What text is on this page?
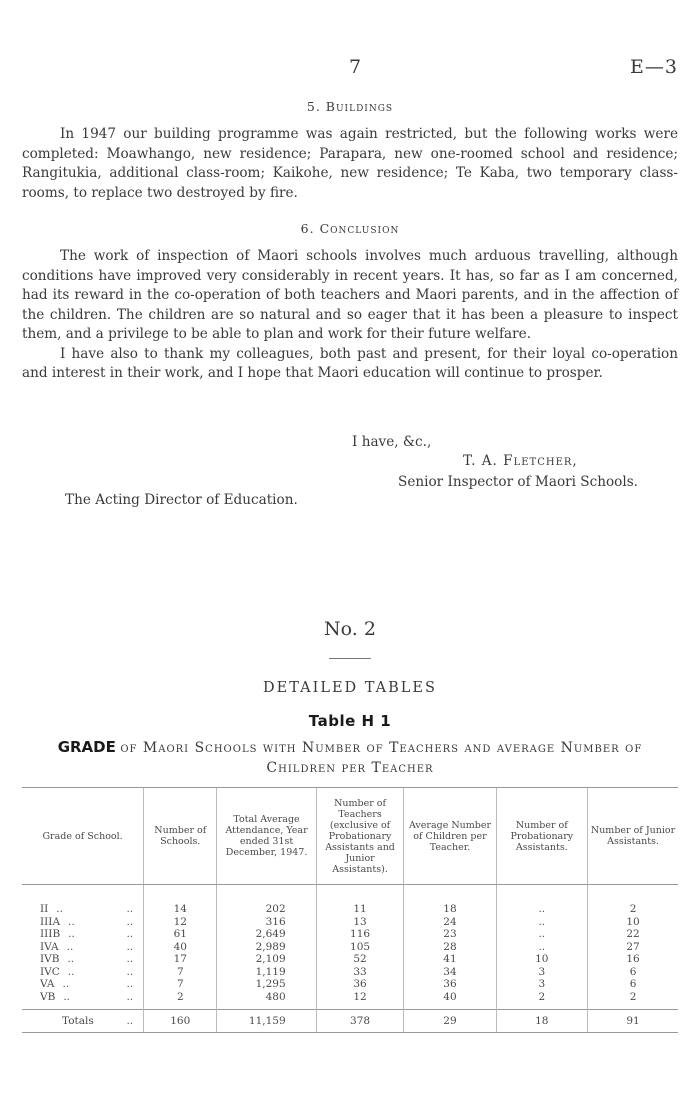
7	E—3
5. Buildings

In 1947 our building programme was again restricted, but the following works were completed: Moawhango, new residence; Parapara, new one-roomed school and residence; Rangitukia, additional class-room; Kaikohe, new residence; Te Kaba, two temporary class-rooms, to replace two destroyed by fire.

6. Conclusion

The work of inspection of Maori schools involves much arduous travelling, although conditions have improved very considerably in recent years. It has, so far as I am concerned, had its reward in the co-operation of both teachers and Maori parents, and in the affection of the children. The children are so natural and so eager that it has been a pleasure to inspect them, and a privilege to be able to plan and work for their future welfare.

I have also to thank my colleagues, both past and present, for their loyal co-operation and interest in their work, and I hope that Maori education will continue to prosper.

I have, &c.,
T. A. Fletcher,
Senior Inspector of Maori Schools.
The Acting Director of Education.
No. 2
DETAILED TABLES
Table H 1
GRADE of Maori Schools with Number of Teachers and average Number of Children per Teacher
Grade of School.	Number of Schools.	Total Average Attendance, Year ended 31st December, 1947.	Number of Teachers (exclusive of Probationary Assistants and Junior Assistants).	Average Number of Children per Teacher.	Number of Probationary Assistants.	Number of Junior Assistants.

II .. ..	14	202	11	18	..	2
IIIA .. ..	12	316	13	24	..	10
IIIB .. ..	61	2,649	116	23	..	22
IVA .. ..	40	2,989	105	28	..	27
IVB .. ..	17	2,109	52	41	10	16
IVC .. ..	7	1,119	33	34	3	6
VA .. ..	7	1,295	36	36	3	6
VB .. ..	2	480	12	40	2	2
Totals ..	160	11,159	378	29	18	91
